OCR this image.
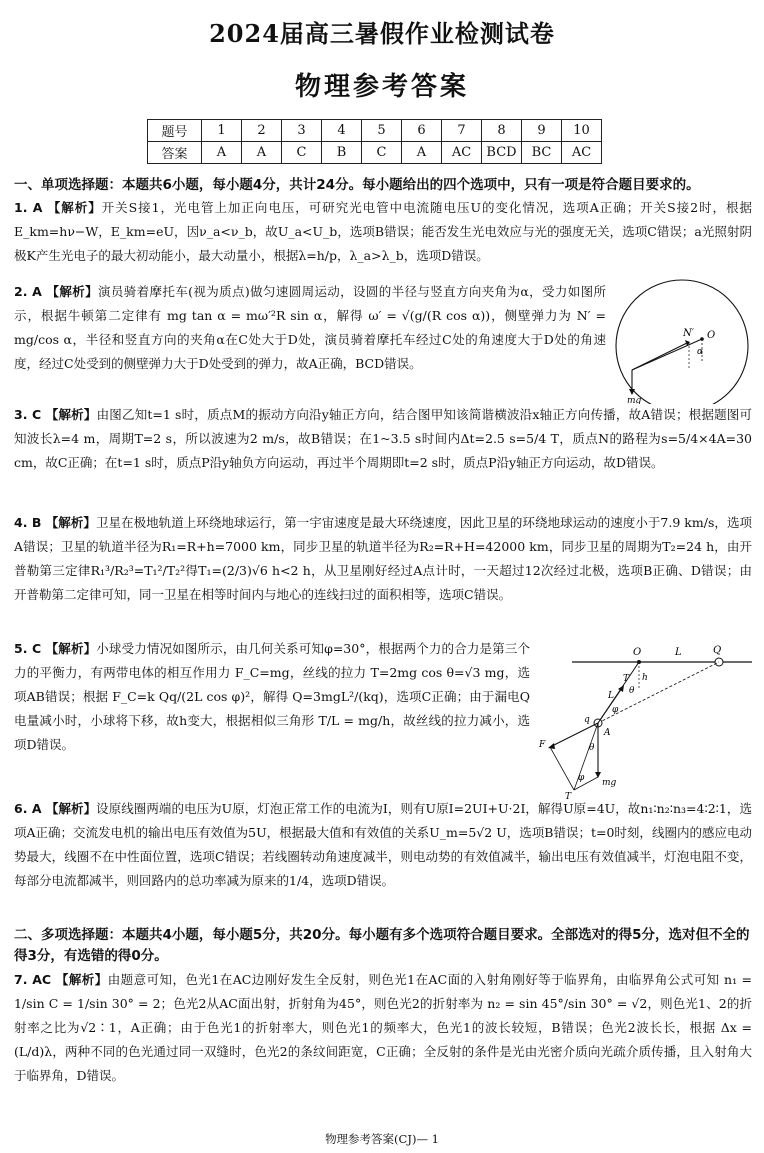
2024届高三暑假作业检测试卷
物理参考答案
题号	1	2	3	4	5	6	7	8	9	10
答案	A	A	C	B	C	A	AC	BCD	BC	AC
一、单项选择题：本题共6小题，每小题4分，共计24分。每小题给出的四个选项中，只有一项是符合题目要求的。
1. A 【解析】开关S接1，光电管上加正向电压，可研究光电管中电流随电压U的变化情况，选项A正确；开关S接2时，根据E_km=hν−W，E_km=eU，因ν_a<ν_b，故U_a<U_b，选项B错误；能否发生光电效应与光的强度无关，选项C错误；a光照射阴极K产生光电子的最大初动能小，最大动量小，根据λ=h/p，λ_a>λ_b，选项D错误。
2. A 【解析】演员骑着摩托车(视为质点)做匀速圆周运动，设圆的半径与竖直方向夹角为α，受力如图所示，根据牛顿第二定律有 mg tan α = mω′²R sin α，解得 ω′ = √(g/(R cos α))，侧壁弹力为 N′ = mg/cos α，半径和竖直方向的夹角α在C处大于D处，演员骑着摩托车经过C处的角速度大于D处的角速度，经过C处受到的侧壁弹力大于D处受到的弹力，故A正确，BCD错误。
N′ O
α
mg
3. C 【解析】由图乙知t=1 s时，质点M的振动方向沿y轴正方向，结合图甲知该简谐横波沿x轴正方向传播，故A错误；根据题图可知波长λ=4 m，周期T=2 s，所以波速为2 m/s，故B错误；在1~3.5 s时间内Δt=2.5 s=5/4 T，质点N的路程为s=5/4×4A=30 cm，故C正确；在t=1 s时，质点P沿y轴负方向运动，再过半个周期即t=2 s时，质点P沿y轴正方向运动，故D错误。
4. B 【解析】卫星在极地轨道上环绕地球运行，第一宇宙速度是最大环绕速度，因此卫星的环绕地球运动的速度小于7.9 km/s，选项A错误；卫星的轨道半径为R₁=R+h=7000 km，同步卫星的轨道半径为R₂=R+H=42000 km，同步卫星的周期为T₂=24 h，由开普勒第三定律R₁³/R₂³=T₁²/T₂²得T₁=(2/3)√6 h<2 h，从卫星刚好经过A点计时，一天超过12次经过北极，选项B正确、D错误；由开普勒第二定律可知，同一卫星在相等时间内与地心的连线扫过的面积相等，选项C错误。
5. C 【解析】小球受力情况如图所示，由几何关系可知φ=30°，根据两个力的合力是第三个力的平衡力，有两带电体的相互作用力 F_C=mg，丝线的拉力 T=2mg cos θ=√3 mg，选项AB错误；根据 F_C=k Qq/(2L cos φ)²，解得 Q=3mgL²/(kq)，选项C正确；由于漏电Q电量减小时，小球将下移，故h变大，根据相似三角形 T/L = mg/h，故丝线的拉力减小，选项D错误。
O	L	Q
T
θ
h
L
φ
q
A
F	θ
φ mg
T
6. A 【解析】设原线圈两端的电压为U原，灯泡正常工作的电流为I，则有U原I=2UI+U·2I，解得U原=4U，故n₁∶n₂∶n₃=4∶2∶1，选项A正确；交流发电机的输出电压有效值为5U，根据最大值和有效值的关系U_m=5√2 U，选项B错误；t=0时刻，线圈内的感应电动势最大，线圈不在中性面位置，选项C错误；若线圈转动角速度减半，则电动势的有效值减半，输出电压有效值减半，灯泡电阻不变，每部分电流都减半，则回路内的总功率减为原来的1/4，选项D错误。
二、多项选择题：本题共4小题，每小题5分，共20分。每小题有多个选项符合题目要求。全部选对的得5分，选对但不全的得3分，有选错的得0分。
7. AC 【解析】由题意可知，色光1在AC边刚好发生全反射，则色光1在AC面的入射角刚好等于临界角，由临界角公式可知 n₁ = 1/sin C = 1/sin 30° = 2；色光2从AC面出射，折射角为45°，则色光2的折射率为 n₂ = sin 45°/sin 30° = √2，则色光1、2的折射率之比为√2∶1，A正确；由于色光1的折射率大，则色光1的频率大，色光1的波长较短，B错误；色光2波长长，根据 Δx = (L/d)λ，两种不同的色光通过同一双缝时，色光2的条纹间距宽，C正确；全反射的条件是光由光密介质向光疏介质传播，且入射角大于临界角，D错误。
物理参考答案(CJ)— 1
